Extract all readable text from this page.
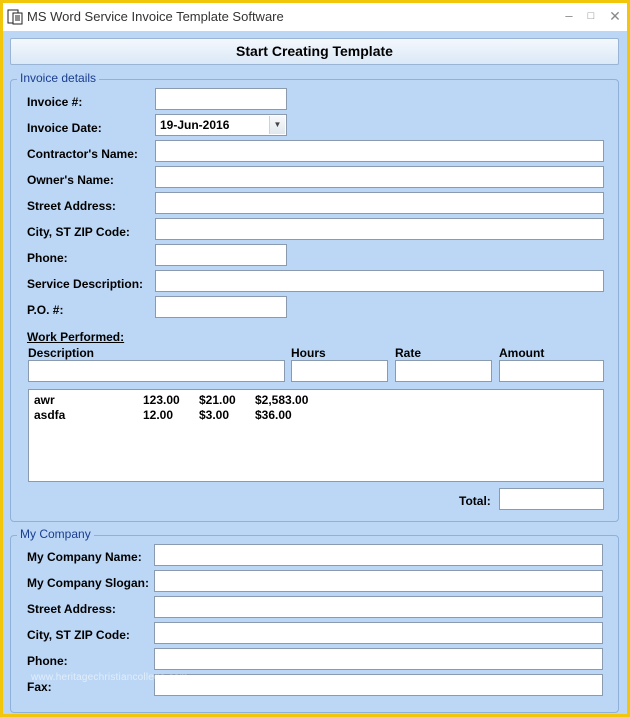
MS Word Service Invoice Template Software	–	□	✕
Start Creating Template
Invoice details
Invoice #:
Invoice Date:	19-Jun-2016	▼
Contractor's Name:
Owner's Name:
Street Address:
City, ST ZIP Code:
Phone:
Service Description:
P.O. #:
Work Performed:
Description	Hours	Rate	Amount
awr	123.00 $21.00 $2,583.00
asdfa	12.00 $3.00 $36.00
Total:
My Company
My Company Name:
My Company Slogan:
Street Address:
City, ST ZIP Code:
Phone:
Fax:
www.heritagechristiancollege.com
